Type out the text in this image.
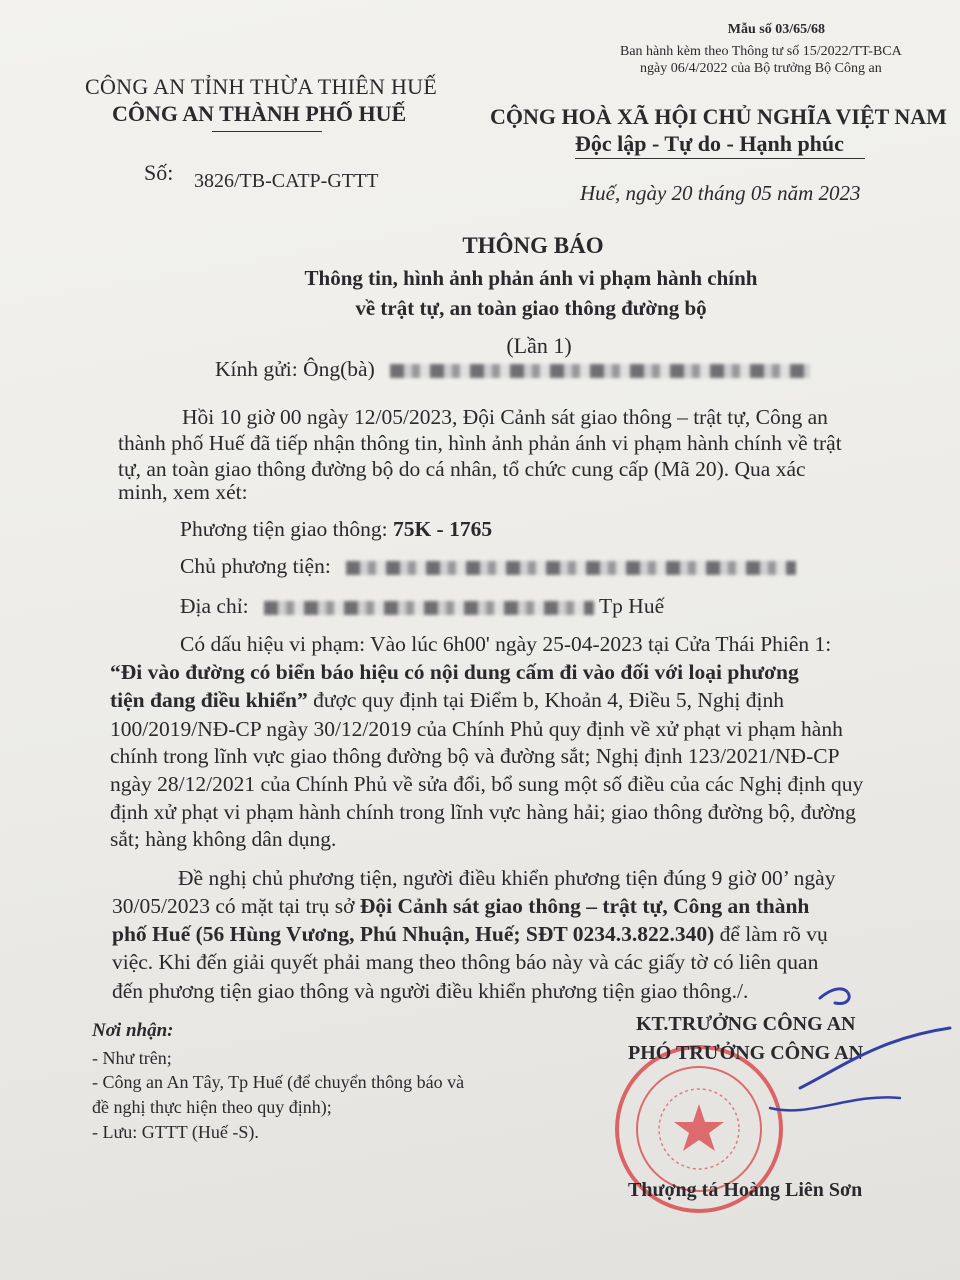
Mẫu số 03/65/68
Ban hành kèm theo Thông tư số 15/2022/TT-BCA
ngày 06/4/2022 của Bộ trưởng Bộ Công an
CÔNG AN TỈNH THỪA THIÊN HUẾ
CÔNG AN THÀNH PHỐ HUẾ	CỘNG HOÀ XÃ HỘI CHỦ NGHĨA VIỆT NAM
Độc lập - Tự do - Hạnh phúc
Số: 3826/TB-CATP-GTTT	Huế, ngày 20 tháng 05 năm 2023
THÔNG BÁO
Thông tin, hình ảnh phản ánh vi phạm hành chính
về trật tự, an toàn giao thông đường bộ
(Lần 1)
Kính gửi: Ông(bà)
Hồi 10 giờ 00 ngày 12/05/2023, Đội Cảnh sát giao thông – trật tự, Công an
thành phố Huế đã tiếp nhận thông tin, hình ảnh phản ánh vi phạm hành chính về trật
tự, an toàn giao thông đường bộ do cá nhân, tổ chức cung cấp (Mã 20). Qua xác
minh, xem xét:
Phương tiện giao thông: 75K - 1765
Chủ phương tiện:
Địa chỉ:	Tp Huế
Có dấu hiệu vi phạm: Vào lúc 6h00' ngày 25-04-2023 tại Cửa Thái Phiên 1:
“Đi vào đường có biển báo hiệu có nội dung cấm đi vào đối với loại phương
tiện đang điều khiển” được quy định tại Điểm b, Khoản 4, Điều 5, Nghị định
100/2019/NĐ-CP ngày 30/12/2019 của Chính Phủ quy định về xử phạt vi phạm hành
chính trong lĩnh vực giao thông đường bộ và đường sắt; Nghị định 123/2021/NĐ-CP
ngày 28/12/2021 của Chính Phủ về sửa đổi, bổ sung một số điều của các Nghị định quy
định xử phạt vi phạm hành chính trong lĩnh vực hàng hải; giao thông đường bộ, đường
sắt; hàng không dân dụng.
Đề nghị chủ phương tiện, người điều khiển phương tiện đúng 9 giờ 00’ ngày
30/05/2023 có mặt tại trụ sở Đội Cảnh sát giao thông – trật tự, Công an thành
phố Huế (56 Hùng Vương, Phú Nhuận, Huế; SĐT 0234.3.822.340) để làm rõ vụ
việc. Khi đến giải quyết phải mang theo thông báo này và các giấy tờ có liên quan
đến phương tiện giao thông và người điều khiển phương tiện giao thông./.
Nơi nhận:
- Như trên;
- Công an An Tây, Tp Huế (để chuyển thông báo và
đề nghị thực hiện theo quy định);
- Lưu: GTTT (Huế -S).
KT.TRƯỞNG CÔNG AN
PHÓ TRƯỞNG CÔNG AN
Thượng tá Hoàng Liên Sơn
